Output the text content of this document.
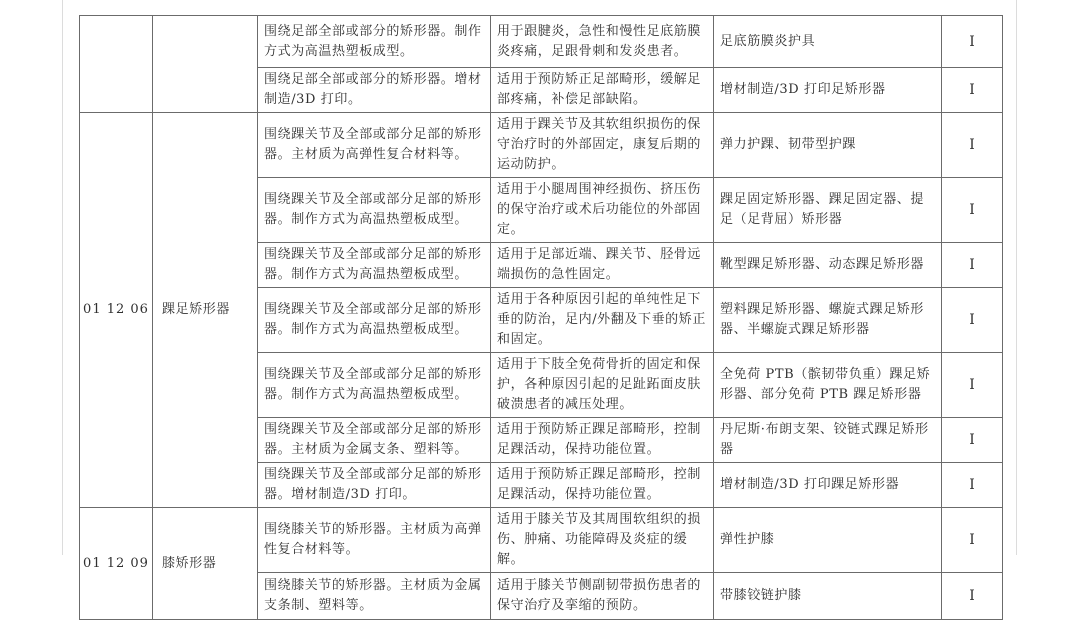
		围绕足部全部或部分的矫形器。制作方式为高温热塑板成型。	用于跟腱炎，急性和慢性足底筋膜炎疼痛，足跟骨刺和发炎患者。	足底筋膜炎护具	I
		围绕足部全部或部分的矫形器。增材制造/3D 打印。	适用于预防矫正足部畸形，缓解足部疼痛，补偿足部缺陷。	增材制造/3D 打印足矫形器	I
01 12 06	踝足矫形器	围绕踝关节及全部或部分足部的矫形器。主材质为高弹性复合材料等。	适用于踝关节及其软组织损伤的保守治疗时的外部固定，康复后期的运动防护。	弹力护踝、韧带型护踝	I
		围绕踝关节及全部或部分足部的矫形器。制作方式为高温热塑板成型。	适用于小腿周围神经损伤、挤压伤的保守治疗或术后功能位的外部固定。	踝足固定矫形器、踝足固定器、提足（足背屈）矫形器	I
		围绕踝关节及全部或部分足部的矫形器。制作方式为高温热塑板成型。	适用于足部近端、踝关节、胫骨远端损伤的急性固定。	靴型踝足矫形器、动态踝足矫形器	I
		围绕踝关节及全部或部分足部的矫形器。制作方式为高温热塑板成型。	适用于各种原因引起的单纯性足下垂的防治，足内/外翻及下垂的矫正和固定。	塑料踝足矫形器、螺旋式踝足矫形器、半螺旋式踝足矫形器	I
		围绕踝关节及全部或部分足部的矫形器。制作方式为高温热塑板成型。	适用于下肢全免荷骨折的固定和保护，各种原因引起的足趾跖面皮肤破溃患者的减压处理。	全免荷 PTB（髌韧带负重）踝足矫形器、部分免荷 PTB 踝足矫形器	I
		围绕踝关节及全部或部分足部的矫形器。主材质为金属支条、塑料等。	适用于预防矫正踝足部畸形，控制足踝活动，保持功能位置。	丹尼斯·布朗支架、铰链式踝足矫形器	I
		围绕踝关节及全部或部分足部的矫形器。增材制造/3D 打印。	适用于预防矫正踝足部畸形，控制足踝活动，保持功能位置。	增材制造/3D 打印踝足矫形器	I
01 12 09	膝矫形器	围绕膝关节的矫形器。主材质为高弹性复合材料等。	适用于膝关节及其周围软组织的损伤、肿痛、功能障碍及炎症的缓解。	弹性护膝	I
		围绕膝关节的矫形器。主材质为金属支条制、塑料等。	适用于膝关节侧副韧带损伤患者的保守治疗及挛缩的预防。	带膝铰链护膝	I
